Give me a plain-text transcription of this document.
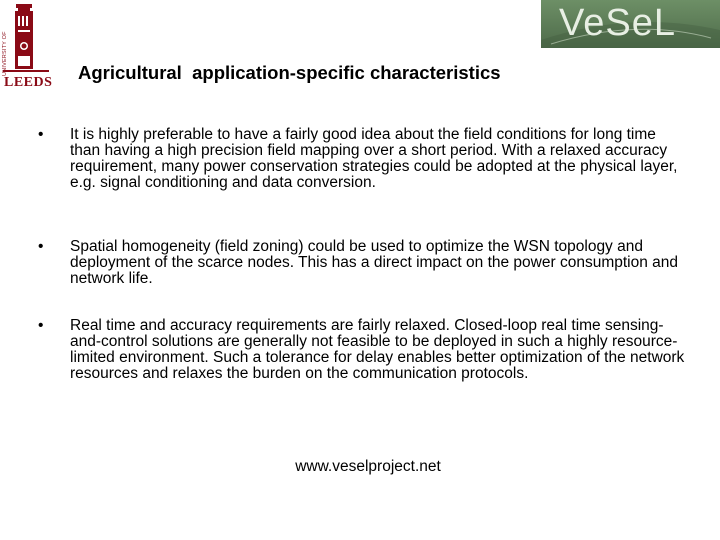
UNIVERSITY OF
LEEDS
VeSeL
Agricultural  application-specific characteristics
• It is highly preferable to have a fairly good idea about the field conditions for long time than having a high precision field mapping over a short period. With a relaxed accuracy requirement, many power conservation strategies could be adopted at the physical layer, e.g. signal conditioning and data conversion.
• Spatial homogeneity (field zoning) could be used to optimize the WSN topology and deployment of the scarce nodes. This has a direct impact on the power consumption and network life.
• Real time and accuracy requirements are fairly relaxed. Closed-loop real time sensing-and-control solutions are generally not feasible to be deployed in such a highly resource-limited environment. Such a tolerance for delay enables better optimization of the network resources and relaxes the burden on the communication protocols.
www.veselproject.net
